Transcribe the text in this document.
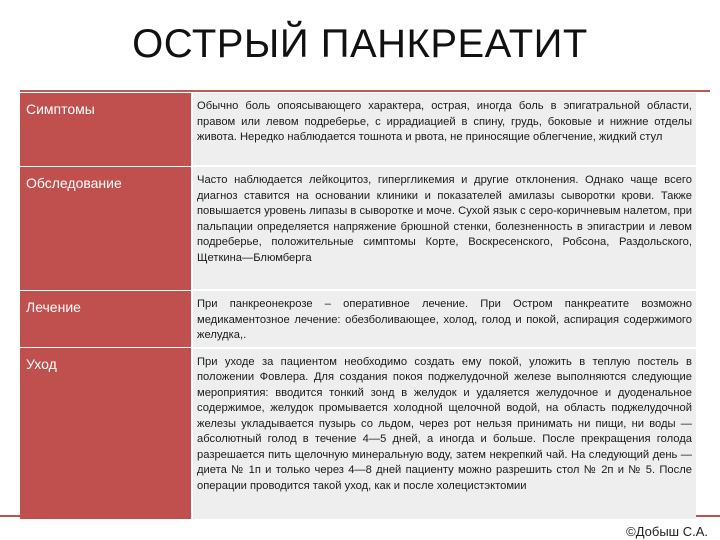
ОСТРЫЙ ПАНКРЕАТИТ
Симптомы	Обычно боль опоясывающего характера, острая, иногда боль в эпигатральной области, правом или левом подреберье, с иррадиацией в спину, грудь, боковые и нижние отделы живота. Нередко наблюдается тошнота и рвота, не приносящие облегчение, жидкий стул
Обследование	Часто наблюдается лейкоцитоз, гипергликемия и другие отклонения. Однако чаще всего диагноз ставится на основании клиники и показателей амилазы сыворотки крови. Также повышается уровень липазы в сыворотке и моче. Сухой язык с серо-коричневым налетом, при пальпации определяется напряжение брюшной стенки, болезненность в эпигастрии и левом подреберье, положительные симптомы Корте, Воскресенского, Робсона, Раздольского, Щеткина—Блюмберга
Лечение	При панкреонекрозе – оперативное лечение. При Остром панкреатите возможно медикаментозное лечение: обезболивающее, холод, голод и покой, аспирация содержимого желудка,.
Уход	При уходе за пациентом необходимо создать ему покой, уложить в теплую постель в положении Фовлера. Для создания покоя поджелудочной железе выполняются следующие мероприятия: вводится тонкий зонд в желудок и удаляется желудочное и дуоденальное содержимое, желудок промывается холодной щелочной водой, на область поджелудочной железы укладывается пузырь со льдом, через рот нельзя принимать ни пищи, ни воды — абсолютный голод в течение 4—5 дней, а иногда и больше. После прекращения голода разрешается пить щелочную минеральную воду, затем некрепкий чай. На следующий день — диета № 1п и только через 4—8 дней пациенту можно разрешить стол № 2п и № 5. После операции проводится такой уход, как и после холецистэктомии
©Добыш С.А.
